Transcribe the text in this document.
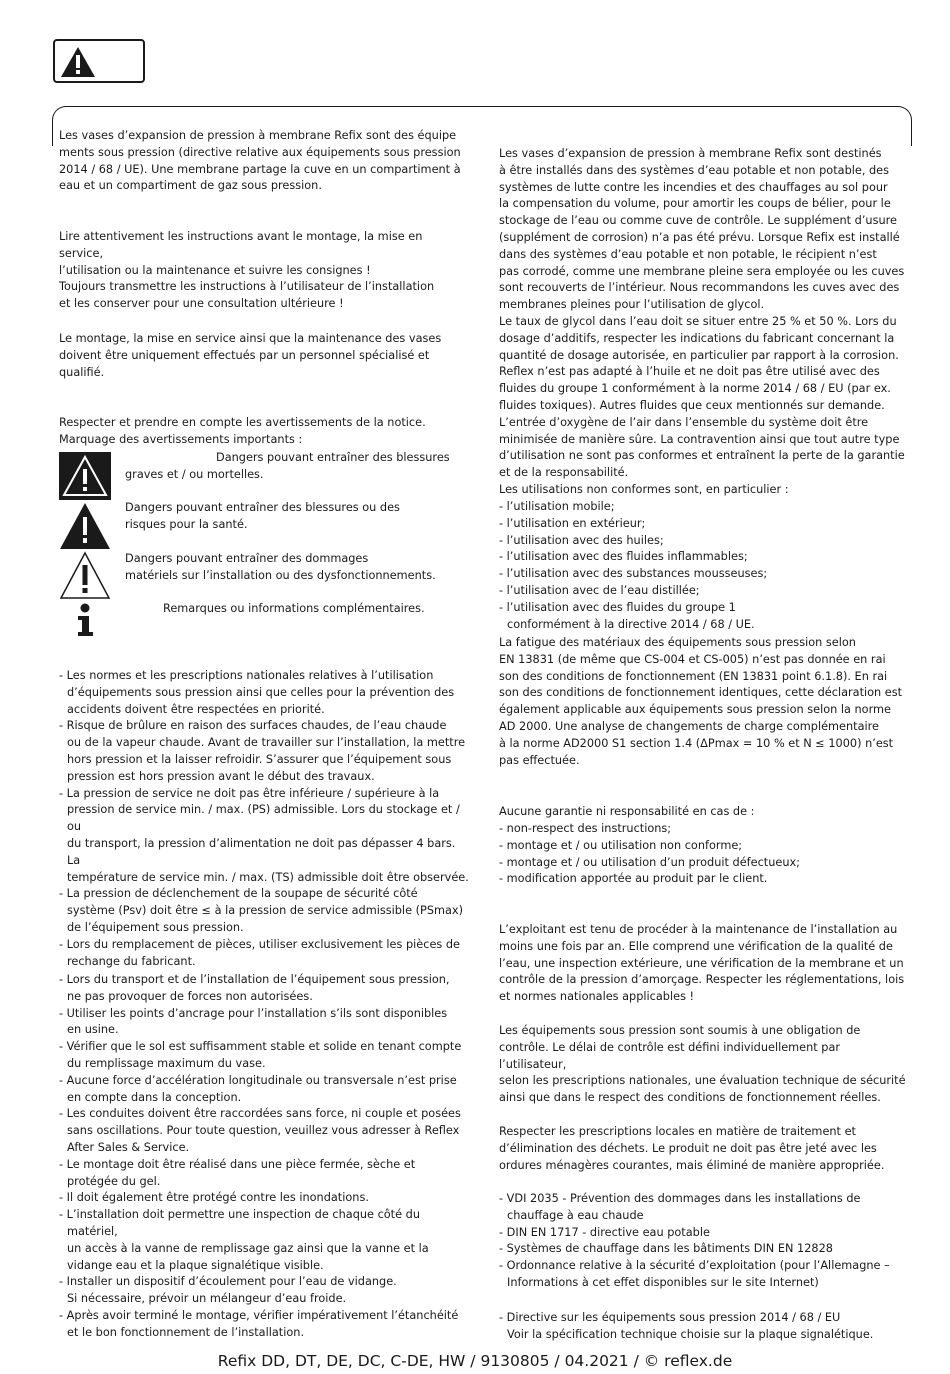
Les vases d’expansion de pression à membrane Refix sont des équipe
ments sous pression (directive relative aux équipements sous pression
2014 / 68 / UE). Une membrane partage la cuve en un compartiment à
eau et un compartiment de gaz sous pression.
Lire attentivement les instructions avant le montage, la mise en service,
l’utilisation ou la maintenance et suivre les consignes !
Toujours transmettre les instructions à l’utilisateur de l’installation
et les conserver pour une consultation ultérieure !
Le montage, la mise en service ainsi que la maintenance des vases
doivent être uniquement effectués par un personnel spécialisé et
qualifié.
Respecter et prendre en compte les avertissements de la notice.
Marquage des avertissements importants :
Dangers pouvant entraîner des blessures
graves et / ou mortelles.
Dangers pouvant entraîner des blessures ou des
risques pour la santé.
Dangers pouvant entraîner des dommages
matériels sur l’installation ou des dysfonctionnements.
Remarques ou informations complémentaires.
- Les normes et les prescriptions nationales relatives à l’utilisation
d’équipements sous pression ainsi que celles pour la prévention des
accidents doivent être respectées en priorité.
- Risque de brûlure en raison des surfaces chaudes, de l’eau chaude
ou de la vapeur chaude. Avant de travailler sur l’installation, la mettre
hors pression et la laisser refroidir. S’assurer que l’équipement sous
pression est hors pression avant le début des travaux.
- La pression de service ne doit pas être inférieure / supérieure à la
pression de service min. / max. (PS) admissible. Lors du stockage et / ou
du transport, la pression d’alimentation ne doit pas dépasser 4 bars. La
température de service min. / max. (TS) admissible doit être observée.
- La pression de déclenchement de la soupape de sécurité côté
système (Psv) doit être ≤ à la pression de service admissible (PSmax)
de l’équipement sous pression.
- Lors du remplacement de pièces, utiliser exclusivement les pièces de
rechange du fabricant.
- Lors du transport et de l’installation de l’équipement sous pression,
ne pas provoquer de forces non autorisées.
- Utiliser les points d’ancrage pour l’installation s’ils sont disponibles
en usine.
- Vérifier que le sol est suffisamment stable et solide en tenant compte
du remplissage maximum du vase.
- Aucune force d’accélération longitudinale ou transversale n’est prise
en compte dans la conception.
- Les conduites doivent être raccordées sans force, ni couple et posées
sans oscillations. Pour toute question, veuillez vous adresser à Reflex
After Sales & Service.
- Le montage doit être réalisé dans une pièce fermée, sèche et
protégée du gel.
- Il doit également être protégé contre les inondations.
- L’installation doit permettre une inspection de chaque côté du matériel,
un accès à la vanne de remplissage gaz ainsi que la vanne et la
vidange eau et la plaque signalétique visible.
- Installer un dispositif d’écoulement pour l’eau de vidange.
Si nécessaire, prévoir un mélangeur d’eau froide.
- Après avoir terminé le montage, vérifier impérativement l’étanchéité
et le bon fonctionnement de l’installation.
Les vases d’expansion de pression à membrane Refix sont destinés
à être installés dans des systèmes d’eau potable et non potable, des
systèmes de lutte contre les incendies et des chauffages au sol pour
la compensation du volume, pour amortir les coups de bélier, pour le
stockage de l’eau ou comme cuve de contrôle. Le supplément d’usure
(supplément de corrosion) n’a pas été prévu. Lorsque Refix est installé
dans des systèmes d’eau potable et non potable, le récipient n’est
pas corrodé, comme une membrane pleine sera employée ou les cuves
sont recouverts de l’intérieur. Nous recommandons les cuves avec des
membranes pleines pour l’utilisation de glycol.
Le taux de glycol dans l’eau doit se situer entre 25 % et 50 %. Lors du
dosage d’additifs, respecter les indications du fabricant concernant la
quantité de dosage autorisée, en particulier par rapport à la corrosion.
Reflex n’est pas adapté à l’huile et ne doit pas être utilisé avec des
fluides du groupe 1 conformément à la norme 2014 / 68 / EU (par ex.
fluides toxiques). Autres fluides que ceux mentionnés sur demande.
L’entrée d’oxygène de l’air dans l’ensemble du système doit être
minimisée de manière sûre. La contravention ainsi que tout autre type
d’utilisation ne sont pas conformes et entraînent la perte de la garantie
et de la responsabilité.
Les utilisations non conformes sont, en particulier :
- l’utilisation mobile;
- l’utilisation en extérieur;
- l’utilisation avec des huiles;
- l’utilisation avec des fluides inflammables;
- l’utilisation avec des substances mousseuses;
- l’utilisation avec de l’eau distillée;
- l’utilisation avec des fluides du groupe 1
conformément à la directive 2014 / 68 / UE.
La fatigue des matériaux des équipements sous pression selon
EN 13831 (de même que CS-004 et CS-005) n’est pas donnée en rai
son des conditions de fonctionnement (EN 13831 point 6.1.8). En rai
son des conditions de fonctionnement identiques, cette déclaration est
également applicable aux équipements sous pression selon la norme
AD 2000. Une analyse de changements de charge complémentaire
à la norme AD2000 S1 section 1.4 (ΔPmax = 10 % et N ≤ 1000) n’est
pas effectuée.
Aucune garantie ni responsabilité en cas de :
- non-respect des instructions;
- montage et / ou utilisation non conforme;
- montage et / ou utilisation d’un produit défectueux;
- modification apportée au produit par le client.
L’exploitant est tenu de procéder à la maintenance de l’installation au
moins une fois par an. Elle comprend une vérification de la qualité de
l’eau, une inspection extérieure, une vérification de la membrane et un
contrôle de la pression d’amorçage. Respecter les réglementations, lois
et normes nationales applicables !
Les équipements sous pression sont soumis à une obligation de
contrôle. Le délai de contrôle est défini individuellement par l’utilisateur,
selon les prescriptions nationales, une évaluation technique de sécurité
ainsi que dans le respect des conditions de fonctionnement réelles.
Respecter les prescriptions locales en matière de traitement et
d’élimination des déchets. Le produit ne doit pas être jeté avec les
ordures ménagères courantes, mais éliminé de manière appropriée.
- VDI 2035 - Prévention des dommages dans les installations de
chauffage à eau chaude
- DIN EN 1717 - directive eau potable
- Systèmes de chauffage dans les bâtiments DIN EN 12828
- Ordonnance relative à la sécurité d’exploitation (pour l’Allemagne –
Informations à cet effet disponibles sur le site Internet)
- Directive sur les équipements sous pression 2014 / 68 / EU
Voir la spécification technique choisie sur la plaque signalétique.
Refix DD, DT, DE, DC, C-DE, HW / 9130805 / 04.2021 / © reflex.de
